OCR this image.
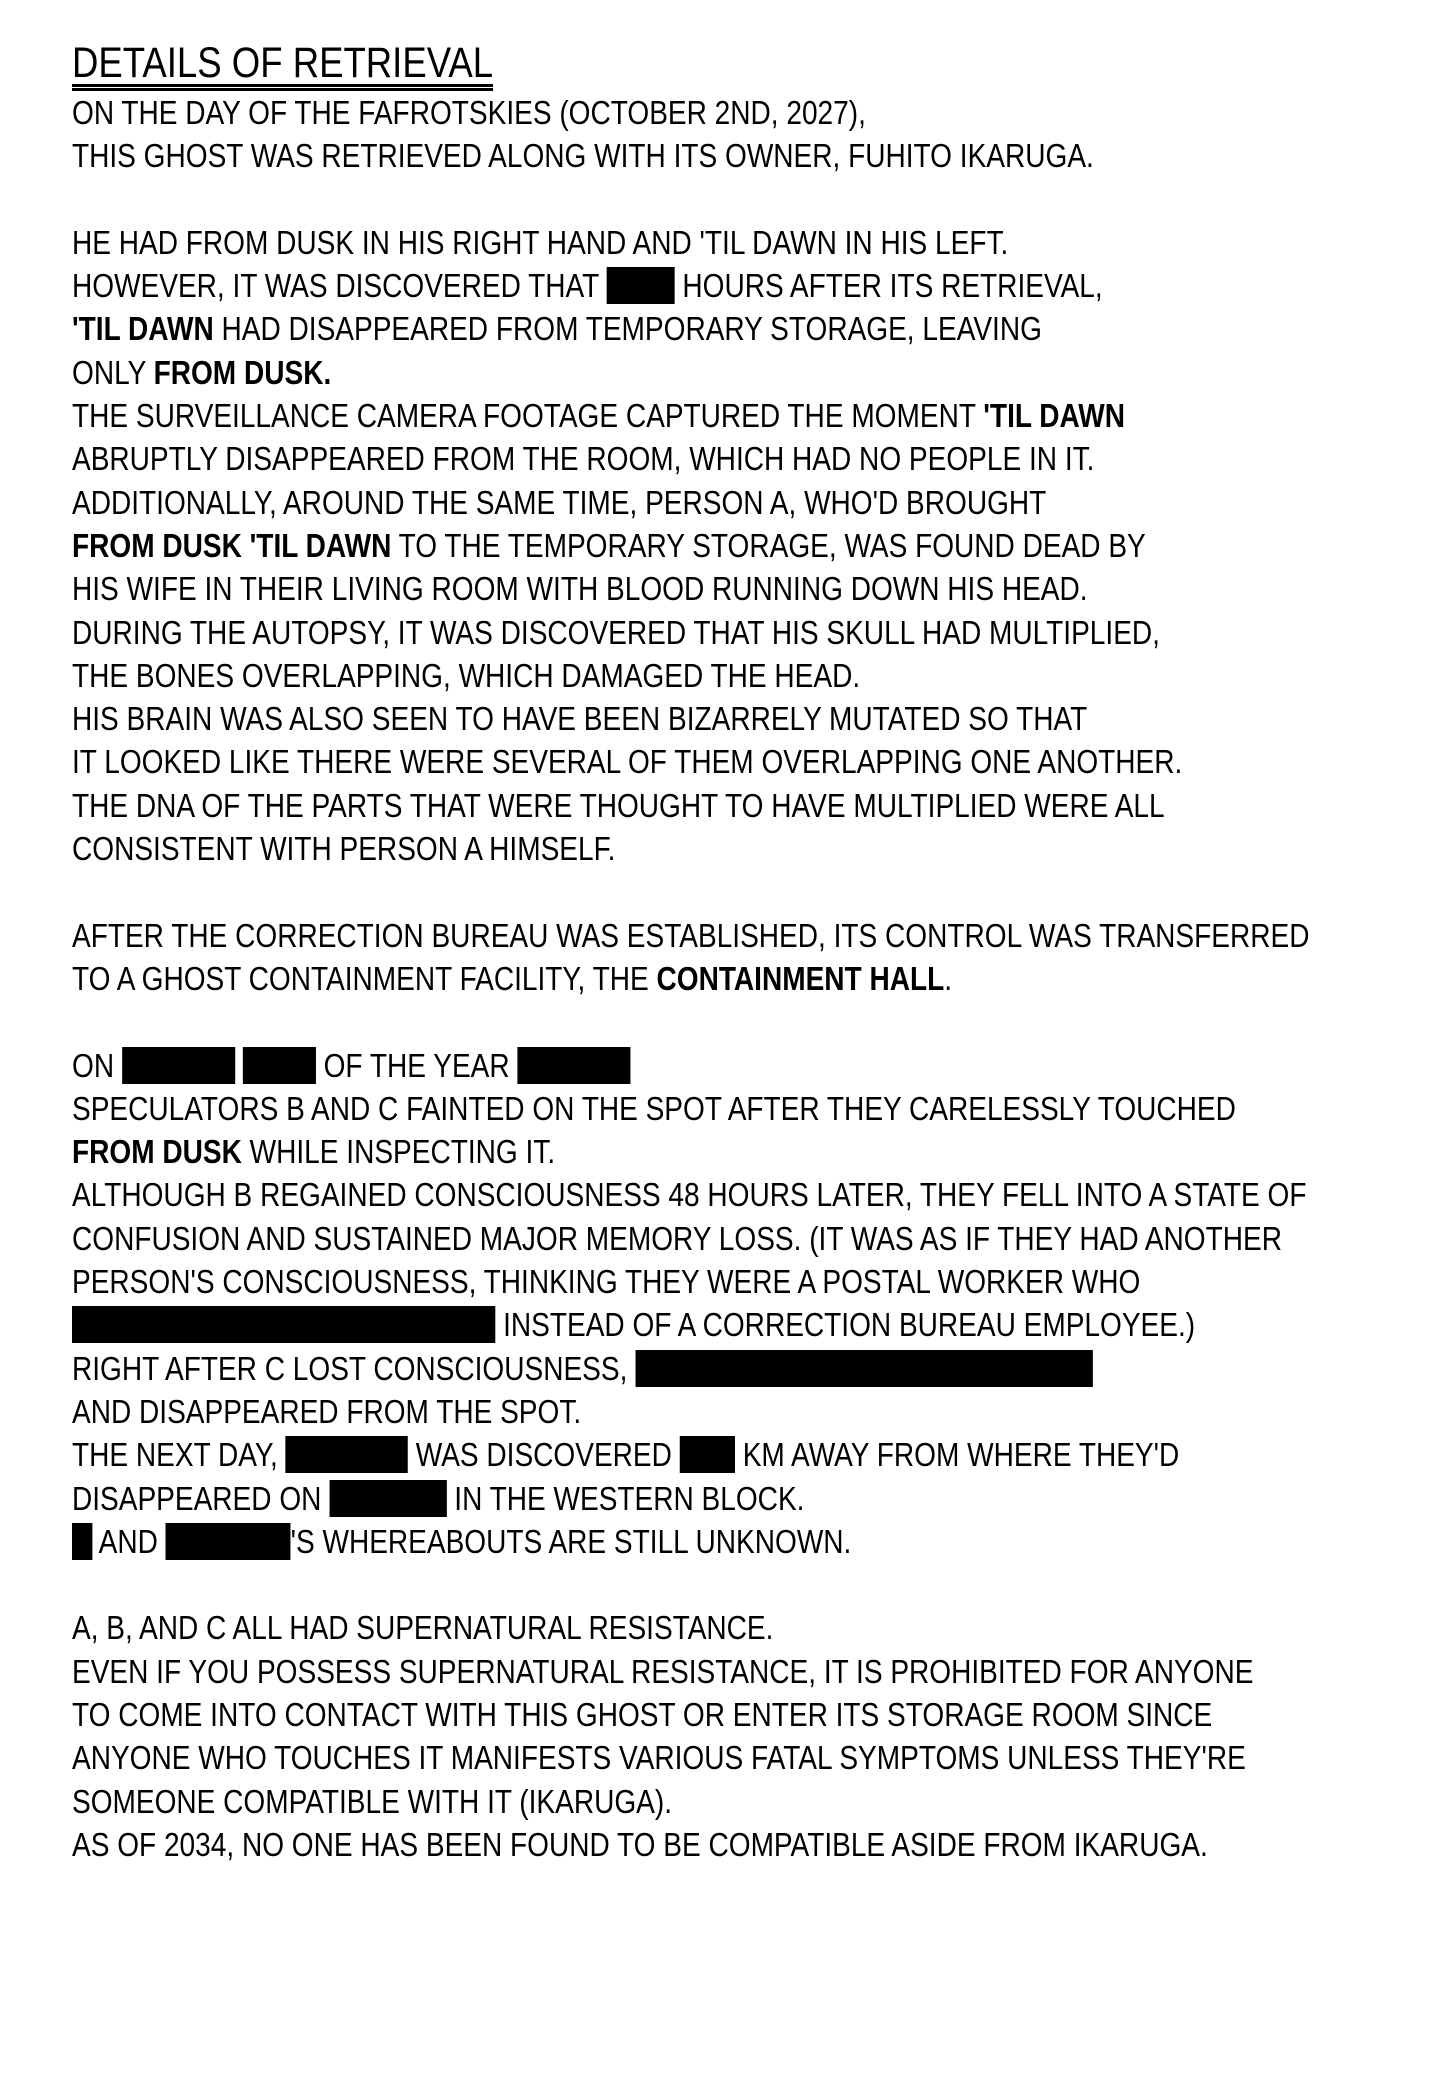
DETAILS OF RETRIEVAL
ON THE DAY OF THE FAFROTSKIES (OCTOBER 2ND, 2027),
THIS GHOST WAS RETRIEVED ALONG WITH ITS OWNER, FUHITO IKARUGA.
HE HAD FROM DUSK IN HIS RIGHT HAND AND 'TIL DAWN IN HIS LEFT.
HOWEVER, IT WAS DISCOVERED THAT  HOURS AFTER ITS RETRIEVAL,
'TIL DAWN HAD DISAPPEARED FROM TEMPORARY STORAGE, LEAVING
ONLY FROM DUSK.
THE SURVEILLANCE CAMERA FOOTAGE CAPTURED THE MOMENT 'TIL DAWN
ABRUPTLY DISAPPEARED FROM THE ROOM, WHICH HAD NO PEOPLE IN IT.
ADDITIONALLY, AROUND THE SAME TIME, PERSON A, WHO'D BROUGHT
FROM DUSK 'TIL DAWN TO THE TEMPORARY STORAGE, WAS FOUND DEAD BY
HIS WIFE IN THEIR LIVING ROOM WITH BLOOD RUNNING DOWN HIS HEAD.
DURING THE AUTOPSY, IT WAS DISCOVERED THAT HIS SKULL HAD MULTIPLIED,
THE BONES OVERLAPPING, WHICH DAMAGED THE HEAD.
HIS BRAIN WAS ALSO SEEN TO HAVE BEEN BIZARRELY MUTATED SO THAT
IT LOOKED LIKE THERE WERE SEVERAL OF THEM OVERLAPPING ONE ANOTHER.
THE DNA OF THE PARTS THAT WERE THOUGHT TO HAVE MULTIPLIED WERE ALL
CONSISTENT WITH PERSON A HIMSELF.
AFTER THE CORRECTION BUREAU WAS ESTABLISHED, ITS CONTROL WAS TRANSFERRED
TO A GHOST CONTAINMENT FACILITY, THE CONTAINMENT HALL.
ON	OF THE YEAR
SPECULATORS B AND C FAINTED ON THE SPOT AFTER THEY CARELESSLY TOUCHED
FROM DUSK WHILE INSPECTING IT.
ALTHOUGH B REGAINED CONSCIOUSNESS 48 HOURS LATER, THEY FELL INTO A STATE OF
CONFUSION AND SUSTAINED MAJOR MEMORY LOSS. (IT WAS AS IF THEY HAD ANOTHER
PERSON'S CONSCIOUSNESS, THINKING THEY WERE A POSTAL WORKER WHO
INSTEAD OF A CORRECTION BUREAU EMPLOYEE.)
RIGHT AFTER C LOST CONSCIOUSNESS,
AND DISAPPEARED FROM THE SPOT.
THE NEXT DAY,	WAS DISCOVERED  KM AWAY FROM WHERE THEY'D
DISAPPEARED ON	IN THE WESTERN BLOCK.
AND	'S WHEREABOUTS ARE STILL UNKNOWN.
A, B, AND C ALL HAD SUPERNATURAL RESISTANCE.
EVEN IF YOU POSSESS SUPERNATURAL RESISTANCE, IT IS PROHIBITED FOR ANYONE
TO COME INTO CONTACT WITH THIS GHOST OR ENTER ITS STORAGE ROOM SINCE
ANYONE WHO TOUCHES IT MANIFESTS VARIOUS FATAL SYMPTOMS UNLESS THEY'RE
SOMEONE COMPATIBLE WITH IT (IKARUGA).
AS OF 2034, NO ONE HAS BEEN FOUND TO BE COMPATIBLE ASIDE FROM IKARUGA.
